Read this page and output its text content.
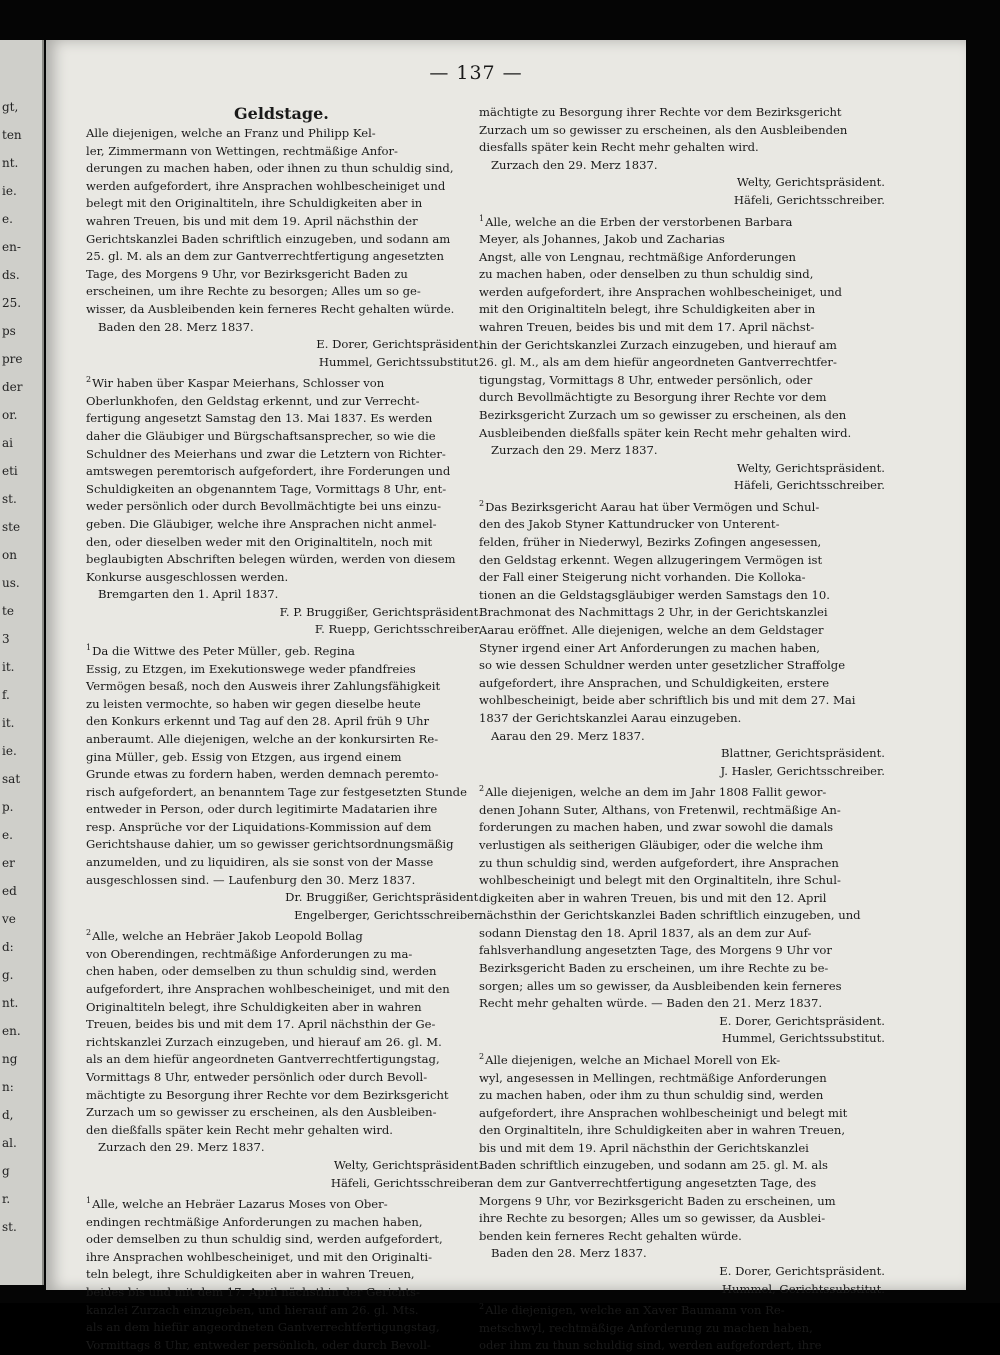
gt,
ten
nt.
ie.
e.
en-
ds.
25.
ps
pre
der
or.
ai
eti
st.
ste
on
us.
te
3
it.
f.
it.
ie.
sat
p.
e.
er
ed
ve
d:
g.
nt.
en.
ng
n:
d,
al.
g
r.
st.
— 137 —
Geldstage.
Alle diejenigen, welche an Franz und Philipp Kel-
ler, Zimmermann von Wettingen, rechtmäßige Anfor-
derungen zu machen haben, oder ihnen zu thun schuldig sind,
werden aufgefordert, ihre Ansprachen wohlbescheiniget und
belegt mit den Originaltiteln, ihre Schuldigkeiten aber in
wahren Treuen, bis und mit dem 19. April nächsthin der
Gerichtskanzlei Baden schriftlich einzugeben, und sodann am
25. gl. M. als an dem zur Gantverrechtfertigung angesetzten
Tage, des Morgens 9 Uhr, vor Bezirksgericht Baden zu
erscheinen, um ihre Rechte zu besorgen; Alles um so ge-
wisser, da Ausbleibenden kein ferneres Recht gehalten würde.
Baden den 28. Merz 1837.
E. Dorer, Gerichtspräsident.
Hummel, Gerichtssubstitut.
2Wir haben über Kaspar Meierhans, Schlosser von
Oberlunkhofen, den Geldstag erkennt, und zur Verrecht-
fertigung angesetzt Samstag den 13. Mai 1837. Es werden
daher die Gläubiger und Bürgschaftsansprecher, so wie die
Schuldner des Meierhans und zwar die Letztern von Richter-
amtswegen peremtorisch aufgefordert, ihre Forderungen und
Schuldigkeiten an obgenanntem Tage, Vormittags 8 Uhr, ent-
weder persönlich oder durch Bevollmächtigte bei uns einzu-
geben. Die Gläubiger, welche ihre Ansprachen nicht anmel-
den, oder dieselben weder mit den Originaltiteln, noch mit
beglaubigten Abschriften belegen würden, werden von diesem
Konkurse ausgeschlossen werden.
Bremgarten den 1. April 1837.
F. P. Bruggißer, Gerichtspräsident.
F. Ruepp, Gerichtsschreiber.
1Da die Wittwe des Peter Müllег, geb. Regina
Essig, zu Etzgen, im Exekutionswege weder pfandfreies
Vermögen besaß, noch den Ausweis ihrer Zahlungsfähigkeit
zu leisten vermochte, so haben wir gegen dieselbe heute
den Konkurs erkennt und Tag auf den 28. April früh 9 Uhr
anberaumt. Alle diejenigen, welche an der konkursirten Re-
gina Müllег, geb. Essig von Etzgen, aus irgend einem
Grunde etwas zu fordern haben, werden demnach peremto-
risch aufgefordert, an benanntem Tage zur festgesetzten Stunde
entweder in Person, oder durch legitimirte Madatarien ihre
resp. Ansprüche vor der Liquidations-Kommission auf dem
Gerichtshause dahier, um so gewisser gerichtsordnungsmäßig
anzumelden, und zu liquidiren, als sie sonst von der Masse
ausgeschlossen sind. — Laufenburg den 30. Merz 1837.
Dr. Bruggißer, Gerichtspräsident.
Engelberger, Gerichtsschreiber.
2Alle, welche an Hebräer Jakob Leopold Bollag
von Oberendingen, rechtmäßige Anforderungen zu ma-
chen haben, oder demselben zu thun schuldig sind, werden
aufgefordert, ihre Ansprachen wohlbescheiniget, und mit den
Originaltiteln belegt, ihre Schuldigkeiten aber in wahren
Treuen, beides bis und mit dem 17. April nächsthin der Ge-
richtskanzlei Zurzach einzugeben, und hierauf am 26. gl. M.
als an dem hiefür angeordneten Gantverrechtfertigungstag,
Vormittags 8 Uhr, entweder persönlich oder durch Bevoll-
mächtigte zu Besorgung ihrer Rechte vor dem Bezirksgericht
Zurzach um so gewisser zu erscheinen, als den Ausbleiben-
den dießfalls später kein Recht mehr gehalten wird.
Zurzach den 29. Merz 1837.
Welty, Gerichtspräsident.
Häfeli, Gerichtsschreiber.
1Alle, welche an Hebräer Lazarus Moses von Ober-
endingen rechtmäßige Anforderungen zu machen haben,
oder demselben zu thun schuldig sind, werden aufgefordert,
ihre Ansprachen wohlbescheiniget, und mit den Originalti-
teln belegt, ihre Schuldigkeiten aber in wahren Treuen,
beides bis und mit dem 17. April nächsthin der Gerichts-
kanzlei Zurzach einzugeben, und hierauf am 26. gl. Mts.
als an dem hiefür angeordneten Gantverrechtfertigungstag,
Vormittags 8 Uhr, entweder persönlich, oder durch Bevoll-
mächtigte zu Besorgung ihrer Rechte vor dem Bezirksgericht
Zurzach um so gewisser zu erscheinen, als den Ausbleibenden
diesfalls später kein Recht mehr gehalten wird.
Zurzach den 29. Merz 1837.
Welty, Gerichtspräsident.
Häfeli, Gerichtsschreiber.
1Alle, welche an die Erben der verstorbenen Barbara
Meyer, als Johannes, Jakob und Zacharias
Angst, alle von Lengnau, rechtmäßige Anforderungen
zu machen haben, oder denselben zu thun schuldig sind,
werden aufgefordert, ihre Ansprachen wohlbescheiniget, und
mit den Originaltiteln belegt, ihre Schuldigkeiten aber in
wahren Treuen, beides bis und mit dem 17. April nächst-
hin der Gerichtskanzlei Zurzach einzugeben, und hierauf am
26. gl. M., als am dem hiefür angeordneten Gantverrechtfer-
tigungstag, Vormittags 8 Uhr, entweder persönlich, oder
durch Bevollmächtigte zu Besorgung ihrer Rechte vor dem
Bezirksgericht Zurzach um so gewisser zu erscheinen, als den
Ausbleibenden dießfalls später kein Recht mehr gehalten wird.
Zurzach den 29. Merz 1837.
Welty, Gerichtspräsident.
Häfeli, Gerichtsschreiber.
2Das Bezirksgericht Aarau hat über Vermögen und Schul-
den des Jakob Styner Kattundrucker von Unterent-
felden, früher in Niederwyl, Bezirks Zofingen angesessen,
den Geldstag erkennt. Wegen allzugeringem Vermögen ist
der Fall einer Steigerung nicht vorhanden. Die Kollokа-
tionen an die Geldstagsgläubiger werden Samstags den 10.
Brachmonat des Nachmittags 2 Uhr, in der Gerichtskanzlei
Aarau eröffnet. Alle diejenigen, welche an dem Geldstager
Styner irgend einer Art Anforderungen zu machen haben,
so wie dessen Schuldner werden unter gesetzlicher Straffolge
aufgefordert, ihre Ansprachen, und Schuldigkeiten, erstere
wohlbescheinigt, beide aber schriftlich bis und mit dem 27. Mai
1837 der Gerichtskanzlei Aarau einzugeben.
Aarau den 29. Merz 1837.
Blattner, Gerichtspräsident.
J. Hasler, Gerichtsschreiber.
2Alle diejenigen, welche an dem im Jahr 1808 Fallit gewor-
denen Johann Suter, Althans, von Fretenwil, rechtmäßige An-
forderungen zu machen haben, und zwar sowohl die damals
verlustigen als seitherigen Gläubiger, oder die welche ihm
zu thun schuldig sind, werden aufgefordert, ihre Ansprachen
wohlbescheinigt und belegt mit den Orginaltiteln, ihre Schul-
digkeiten aber in wahren Treuen, bis und mit den 12. April
nächsthin der Gerichtskanzlei Baden schriftlich einzugeben, und
sodann Dienstag den 18. April 1837, als an dem zur Auf-
fahlsverhandlung angesetzten Tage, des Morgens 9 Uhr vor
Bezirksgericht Baden zu erscheinen, um ihre Rechte zu be-
sorgen; alles um so gewisser, da Ausbleibenden kein ferneres
Recht mehr gehalten würde. — Baden den 21. Merz 1837.
E. Dorer, Gerichtspräsident.
Hummel, Gerichtssubstitut.
2Alle diejenigen, welche an Michael Morell von Ek-
wyl, angesessen in Mellingen, rechtmäßige Anforderungen
zu machen haben, oder ihm zu thun schuldig sind, werden
aufgefordert, ihre Ansprachen wohlbescheinigt und belegt mit
den Orginaltiteln, ihre Schuldigkeiten aber in wahren Treuen,
bis und mit dem 19. April nächsthin der Gerichtskanzlei
Baden schriftlich einzugeben, und sodann am 25. gl. M. als
an dem zur Gantverrechtfertigung angesetzten Tage, des
Morgens 9 Uhr, vor Bezirksgericht Baden zu erscheinen, um
ihre Rechte zu besorgen; Alles um so gewisser, da Ausblei-
benden kein ferneres Recht gehalten würde.
Baden den 28. Merz 1837.
E. Dorer, Gerichtspräsident.
Hummel, Gerichtssubstitut.
2Alle diejenigen, welche an Xaver Baumann von Re-
metschwyl, rechtmäßige Anforderung zu machen haben,
oder ihm zu thun schuldig sind, werden aufgefordert, ihre
